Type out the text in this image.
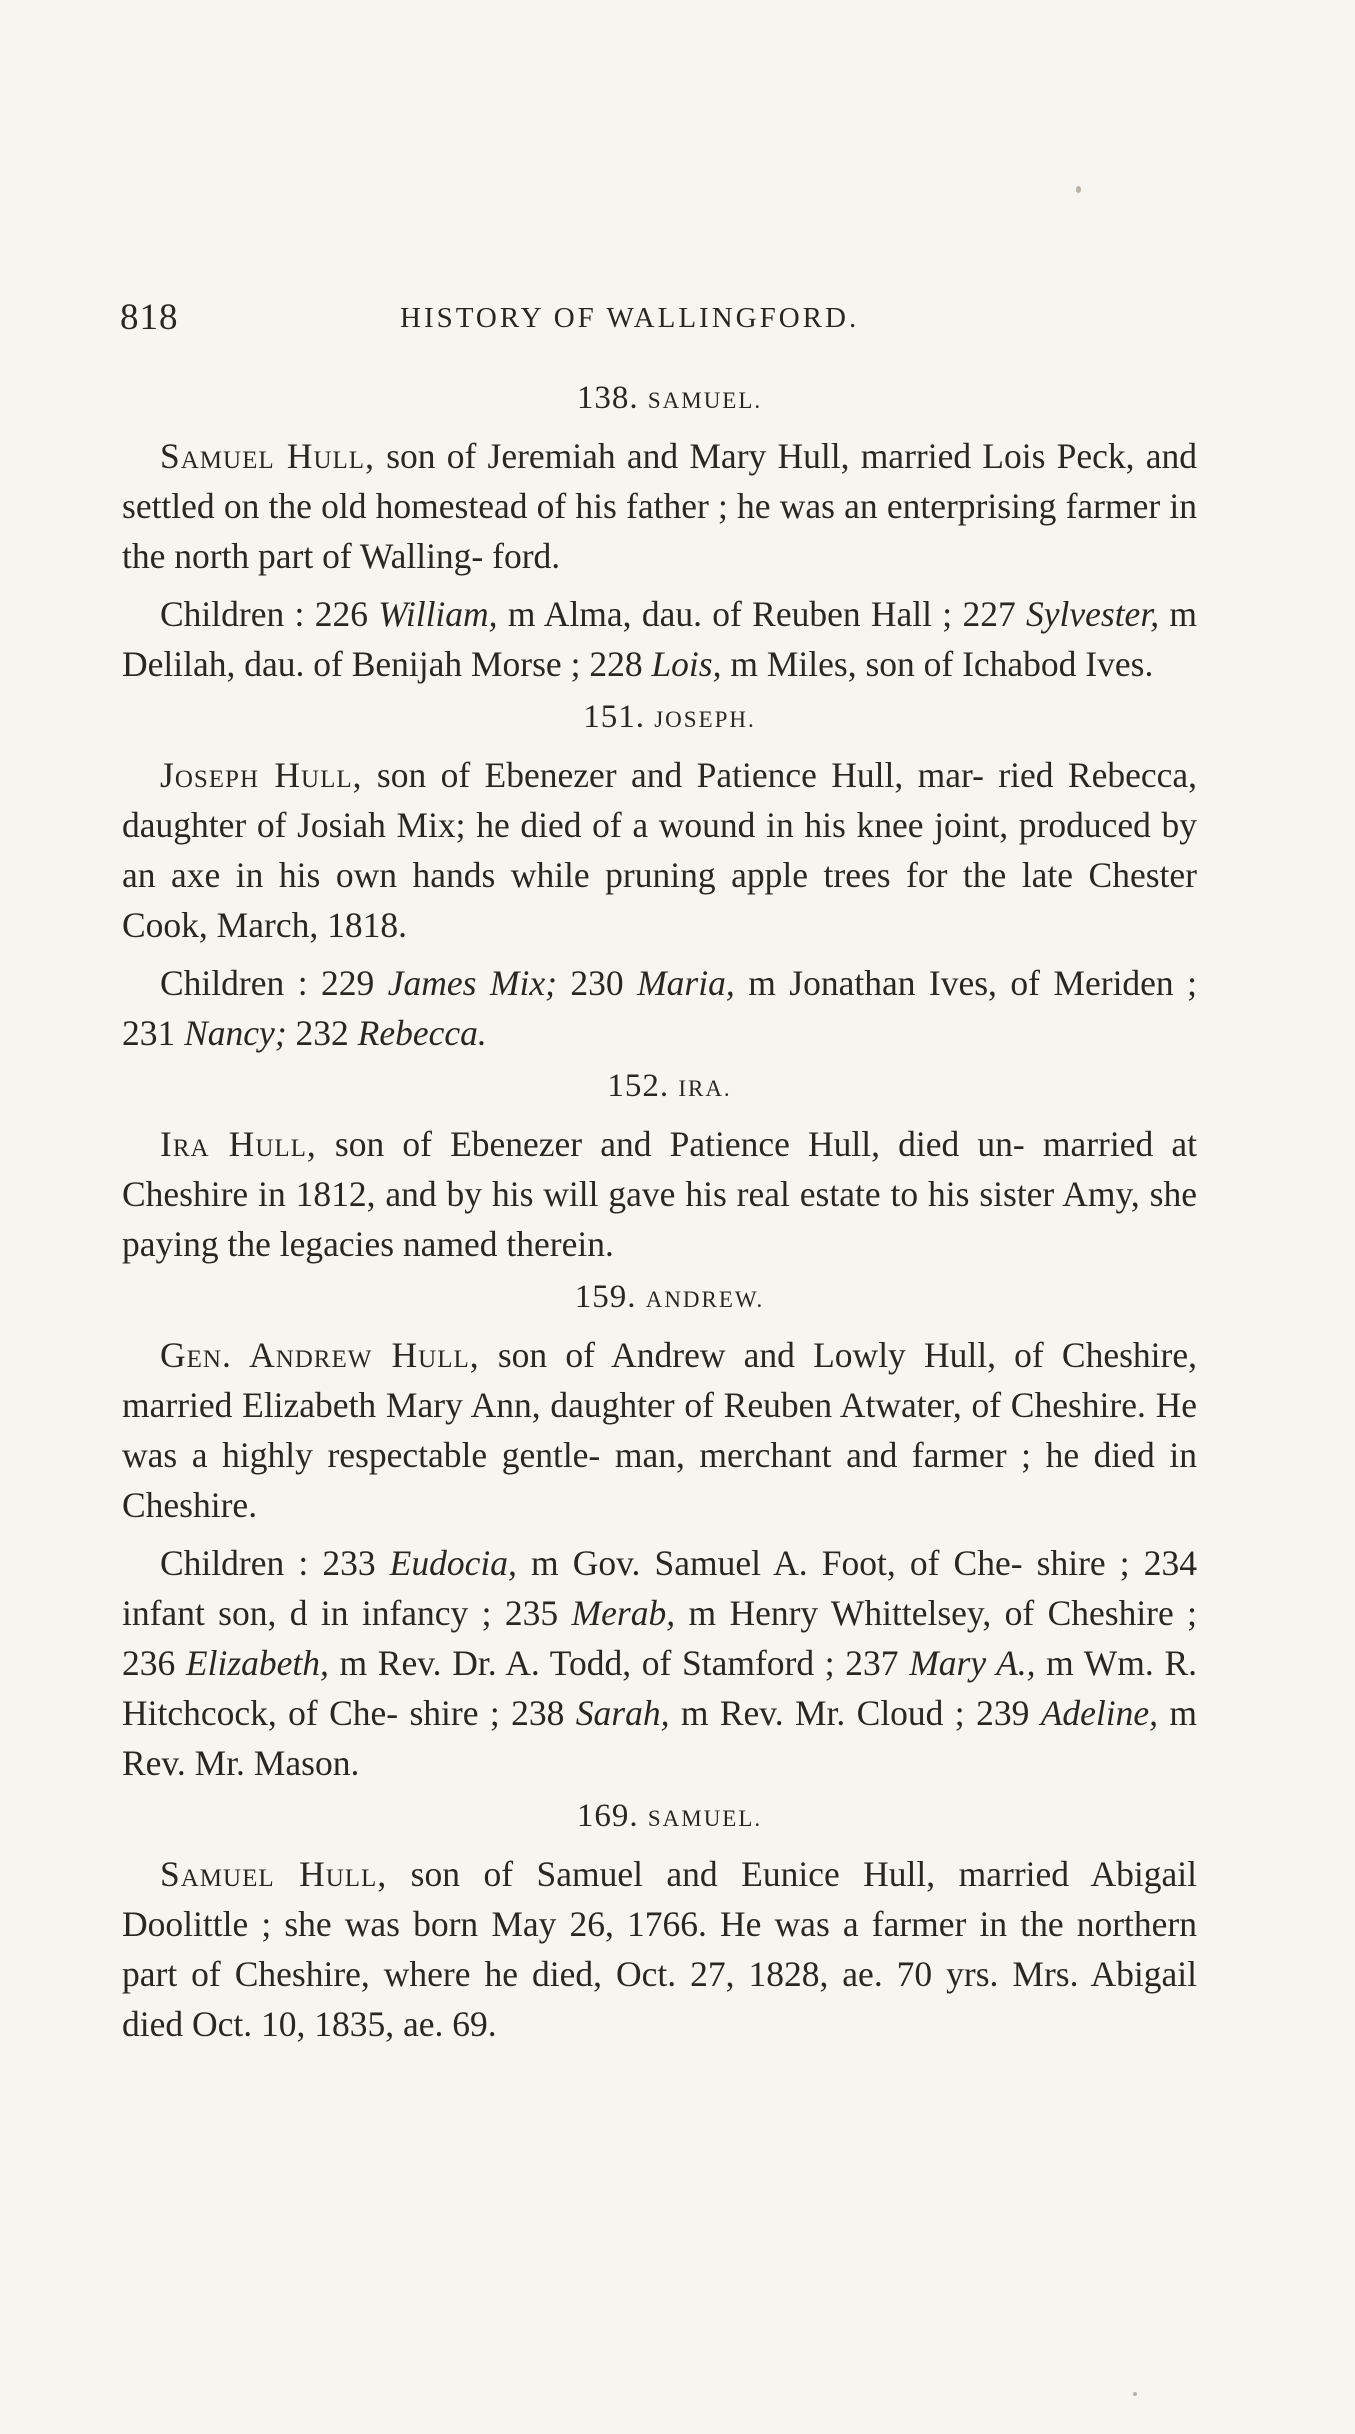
818	HISTORY OF WALLINGFORD.
138. SAMUEL.

Samuel Hull, son of Jeremiah and Mary Hull, married Lois Peck, and settled on the old homestead of his father ; he was an enterprising farmer in the north part of Walling- ford.

Children : 226 William, m Alma, dau. of Reuben Hall ; 227 Sylvester, m Delilah, dau. of Benijah Morse ; 228 Lois, m Miles, son of Ichabod Ives.

151. JOSEPH.

Joseph Hull, son of Ebenezer and Patience Hull, mar- ried Rebecca, daughter of Josiah Mix; he died of a wound in his knee joint, produced by an axe in his own hands while pruning apple trees for the late Chester Cook, March, 1818.

Children : 229 James Mix; 230 Maria, m Jonathan Ives, of Meriden ; 231 Nancy; 232 Rebecca.

152. IRA.

Ira Hull, son of Ebenezer and Patience Hull, died un- married at Cheshire in 1812, and by his will gave his real estate to his sister Amy, she paying the legacies named therein.

159. ANDREW.

Gen. Andrew Hull, son of Andrew and Lowly Hull, of Cheshire, married Elizabeth Mary Ann, daughter of Reuben Atwater, of Cheshire. He was a highly respectable gentle- man, merchant and farmer ; he died in Cheshire.

Children : 233 Eudocia, m Gov. Samuel A. Foot, of Che- shire ; 234 infant son, d in infancy ; 235 Merab, m Henry Whittelsey, of Cheshire ; 236 Elizabeth, m Rev. Dr. A. Todd, of Stamford ; 237 Mary A., m Wm. R. Hitchcock, of Che- shire ; 238 Sarah, m Rev. Mr. Cloud ; 239 Adeline, m Rev. Mr. Mason.

169. SAMUEL.

Samuel Hull, son of Samuel and Eunice Hull, married Abigail Doolittle ; she was born May 26, 1766. He was a farmer in the northern part of Cheshire, where he died, Oct. 27, 1828, ae. 70 yrs. Mrs. Abigail died Oct. 10, 1835, ae. 69.
